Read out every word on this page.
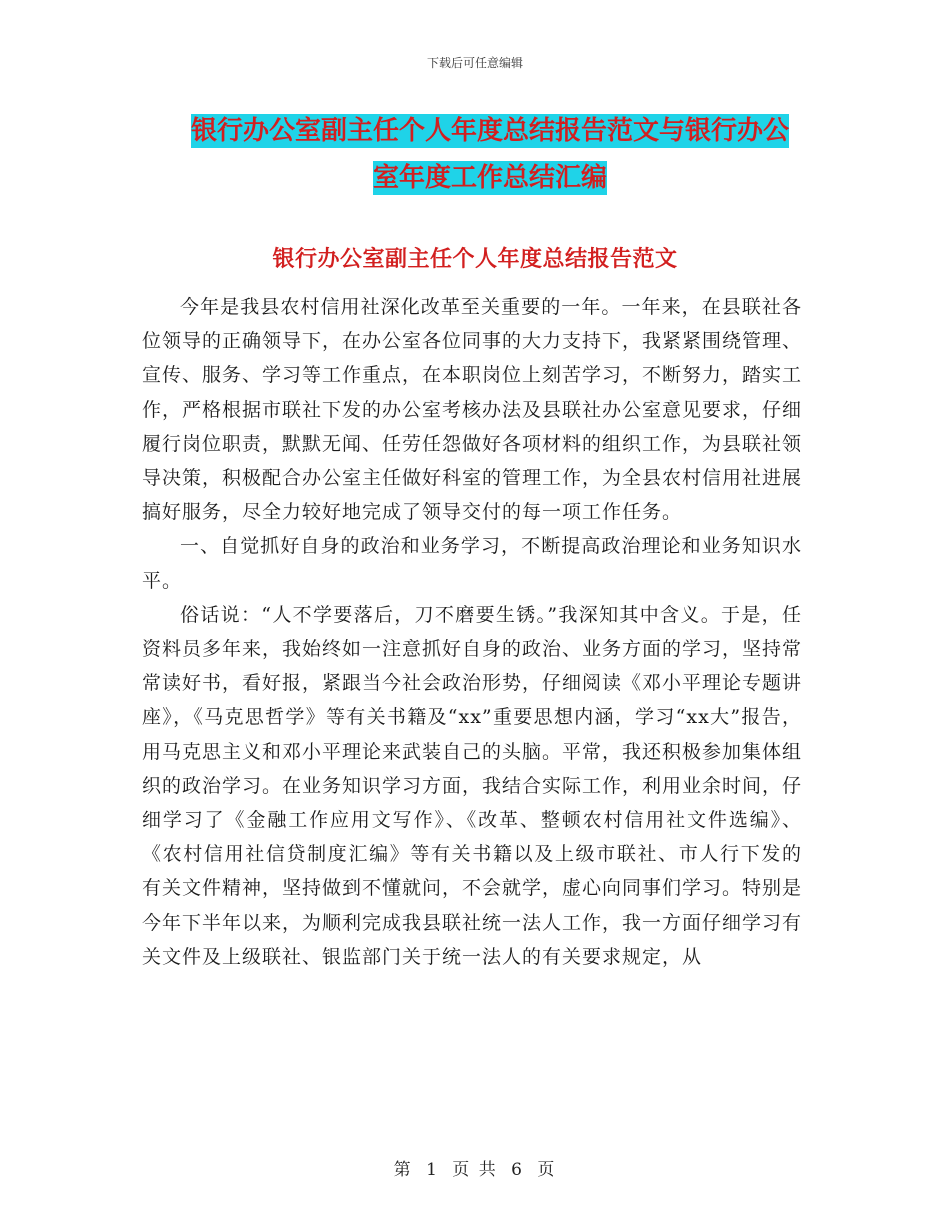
下载后可任意编辑
银行办公室副主任个人年度总结报告范文与银行办公
室年度工作总结汇编
银行办公室副主任个人年度总结报告范文

今年是我县农村信用社深化改革至关重要的一年。一年来，在县联社各位领导的正确领导下，在办公室各位同事的大力支持下，我紧紧围绕管理、宣传、服务、学习等工作重点，在本职岗位上刻苦学习，不断努力，踏实工作，严格根据市联社下发的办公室考核办法及县联社办公室意见要求，仔细履行岗位职责，默默无闻、任劳任怨做好各项材料的组织工作，为县联社领导决策，积极配合办公室主任做好科室的管理工作，为全县农村信用社进展搞好服务，尽全力较好地完成了领导交付的每一项工作任务。

一、自觉抓好自身的政治和业务学习，不断提高政治理论和业务知识水平。

俗话说：“人不学要落后，刀不磨要生锈。”我深知其中含义。于是，任资料员多年来，我始终如一注意抓好自身的政治、业务方面的学习，坚持常常读好书，看好报，紧跟当今社会政治形势，仔细阅读《邓小平理论专题讲座》，《马克思哲学》等有关书籍及“xx”重要思想内涵，学习“xx大”报告，用马克思主义和邓小平理论来武装自己的头脑。平常，我还积极参加集体组织的政治学习。在业务知识学习方面，我结合实际工作，利用业余时间，仔细学习了《金融工作应用文写作》、《改革、整顿农村信用社文件选编》、《农村信用社信贷制度汇编》等有关书籍以及上级市联社、市人行下发的有关文件精神，坚持做到不懂就问，不会就学，虚心向同事们学习。特别是今年下半年以来，为顺利完成我县联社统一法人工作，我一方面仔细学习有关文件及上级联社、银监部门关于统一法人的有关要求规定，从

第 1 页 共 6 页
